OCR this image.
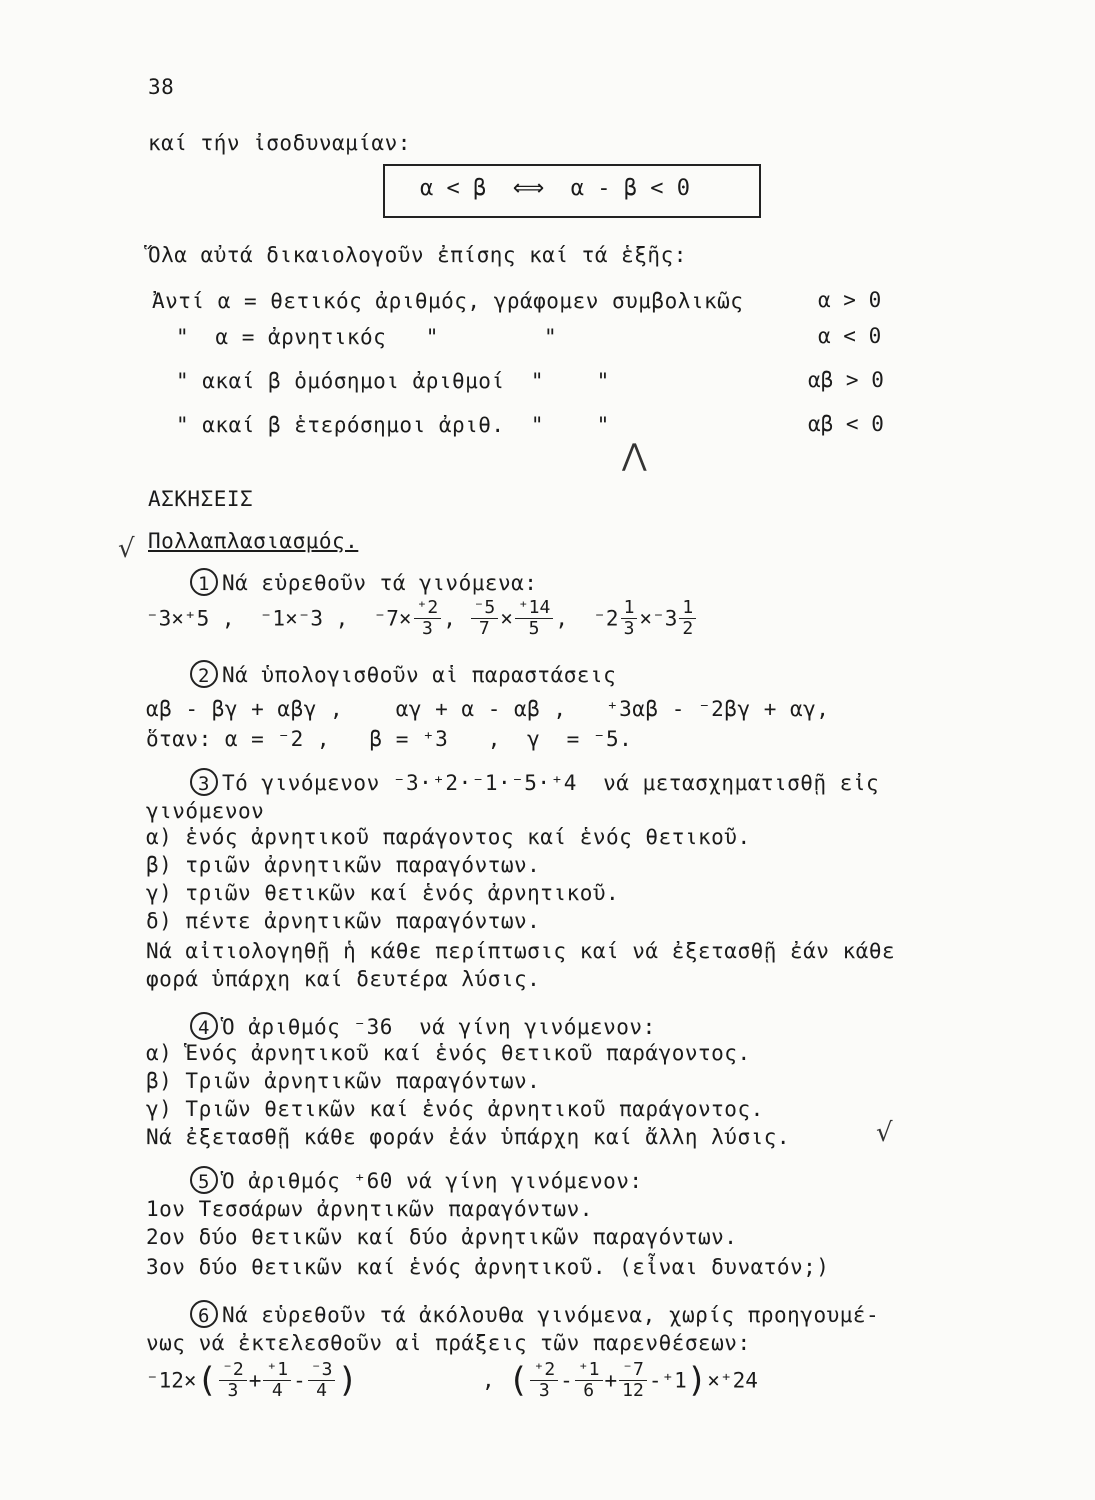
38
καί τήν ἰσοδυναμίαν:
α < β  ⟺  α - β < 0
Ὅλα αὐτά δικαιολογοῦν ἐπίσης καί τά ἑξῆς:
Ἀντί α = θετικός ἀριθμός, γράφομεν συμβολικῶς	α > 0
"  α = ἀρνητικός   "        "	α < 0
" ακαί β ὁμόσημοι ἀριθμοί  "    "	αβ > 0
" ακαί β ἑτερόσημοι ἀριθ.  "    "	αβ < 0
⋀
ΑΣΚΗΣΕΙΣ
Πολλαπλασιασμός.
√
1 Νά εὑρεθοῦν τά γινόμενα:
⁻3×⁺5 ,  ⁻1×⁻3 ,  $^-7\times \frac{^+2}{3}$ , $\frac{^-5}{7} \times \frac{^+14}{5}$ ,  $^-2 \frac{1}{3} \times^-3 \frac{1}{2}$
2 Νά ὑπολογισθοῦν αἱ παραστάσεις
αβ - βγ + αβγ ,    αγ + α - αβ ,   ⁺3αβ - ⁻2βγ + αγ,
ὅταν: α = ⁻2 ,   β = ⁺3   ,  γ  = ⁻5.
3 Τό γινόμενον ⁻3·⁺2·⁻1·⁻5·⁺4  νά μετασχηματισθῇ εἰς
γινόμενον
α) ἑνός ἀρνητικοῦ παράγοντος καί ἑνός θετικοῦ.
β) τριῶν ἀρνητικῶν παραγόντων.
γ) τριῶν θετικῶν καί ἑνός ἀρνητικοῦ.
δ) πέντε ἀρνητικῶν παραγόντων.
Νά αἰτιολογηθῇ ἡ κάθε περίπτωσις καί νά ἐξετασθῇ ἐάν κάθε
φορά ὑπάρχη καί δευτέρα λύσις.
4 Ὁ ἀριθμός ⁻36  νά γίνη γινόμενον:
α) Ἑνός ἀρνητικοῦ καί ἑνός θετικοῦ παράγοντος.
β) Τριῶν ἀρνητικῶν παραγόντων.
γ) Τριῶν θετικῶν καί ἑνός ἀρνητικοῦ παράγοντος.
Νά ἐξετασθῇ κάθε φοράν ἐάν ὑπάρχη καί ἄλλη λύσις.	√
5 Ὁ ἀριθμός ⁺60 νά γίνη γινόμενον:
1ον Τεσσάρων ἀρνητικῶν παραγόντων.
2ον δύο θετικῶν καί δύο ἀρνητικῶν παραγόντων.
3ον δύο θετικῶν καί ἑνός ἀρνητικοῦ. (εἶναι δυνατόν;)
6 Νά εὑρεθοῦν τά ἀκόλουθα γινόμενα, χωρίς προηγουμέ-
νως νά ἐκτελεσθοῦν αἱ πράξεις τῶν παρενθέσεων:
$^-12\times( \frac{^-2}{3} + \frac{^+1}{4} - \frac{^-3}{4}$ )	, ( $\frac{^+2}{3} - \frac{^+1}{6} + \frac{^-7}{12} -^+1)\times^+24$
